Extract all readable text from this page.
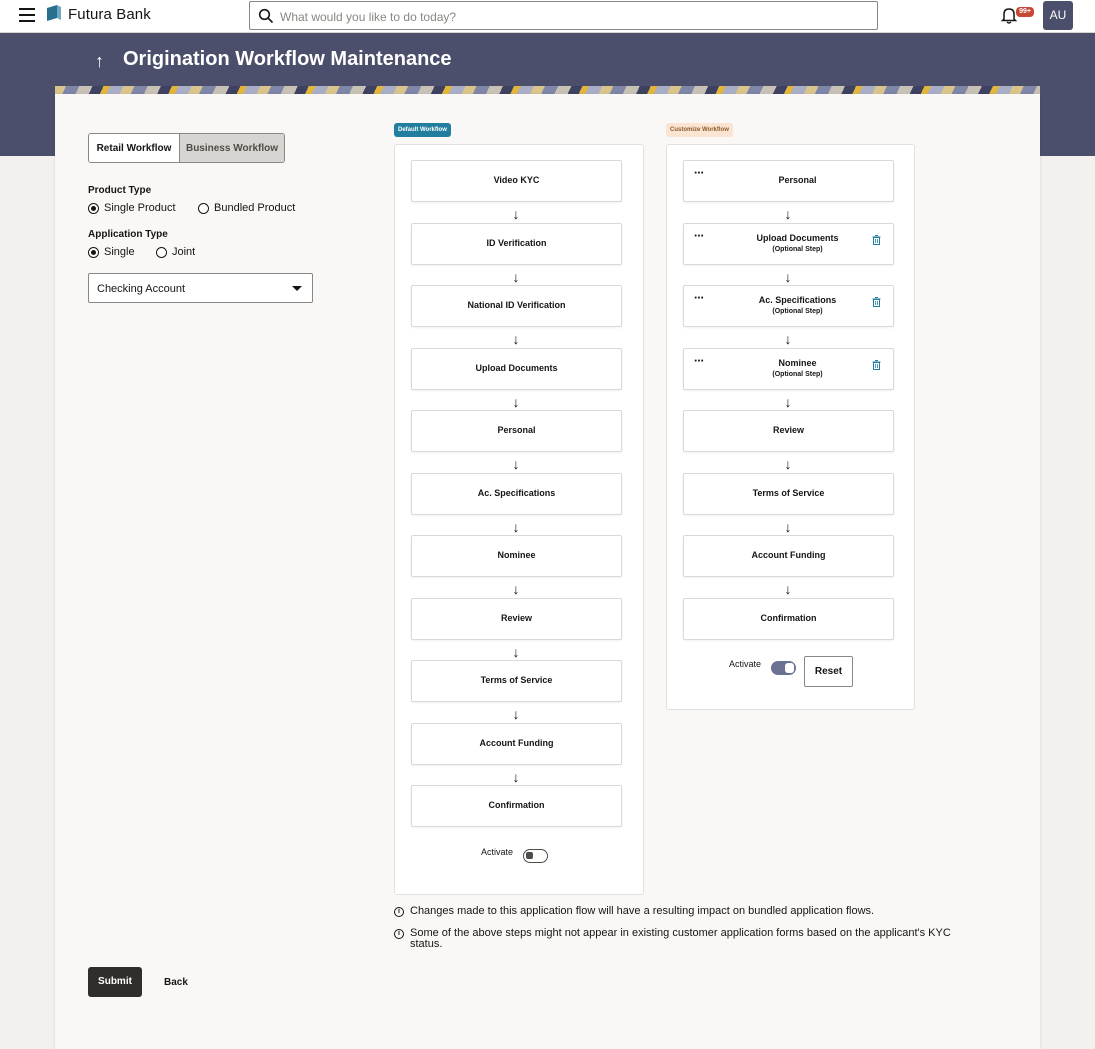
Futura Bank	What would you like to do today?	99+	AU
↑ Origination Workflow Maintenance
Retail Workflow	Business Workflow
Product Type
Single Product	Bundled Product
Application Type
Single	Joint
Checking Account
Default Workflow
Video KYC
↓
ID Verification
↓
National ID Verification
↓
Upload Documents
↓
Personal
↓
Ac. Specifications
↓
Nominee
↓
Review
↓
Terms of Service
↓
Account Funding
↓
Confirmation
Activate
Customize Workflow
⋯
Personal
↓
⋯	Upload Documents
(Optional Step)
↓
⋯	Ac. Specifications
(Optional Step)
↓
⋯	Nominee
(Optional Step)
↓
Review
↓
Terms of Service
↓
Account Funding
↓
Confirmation
Activate
Reset
i Changes made to this application flow will have a resulting impact on bundled application flows.
i Some of the above steps might not appear in existing customer application forms based on the applicant's KYC status.
Submit	Back
